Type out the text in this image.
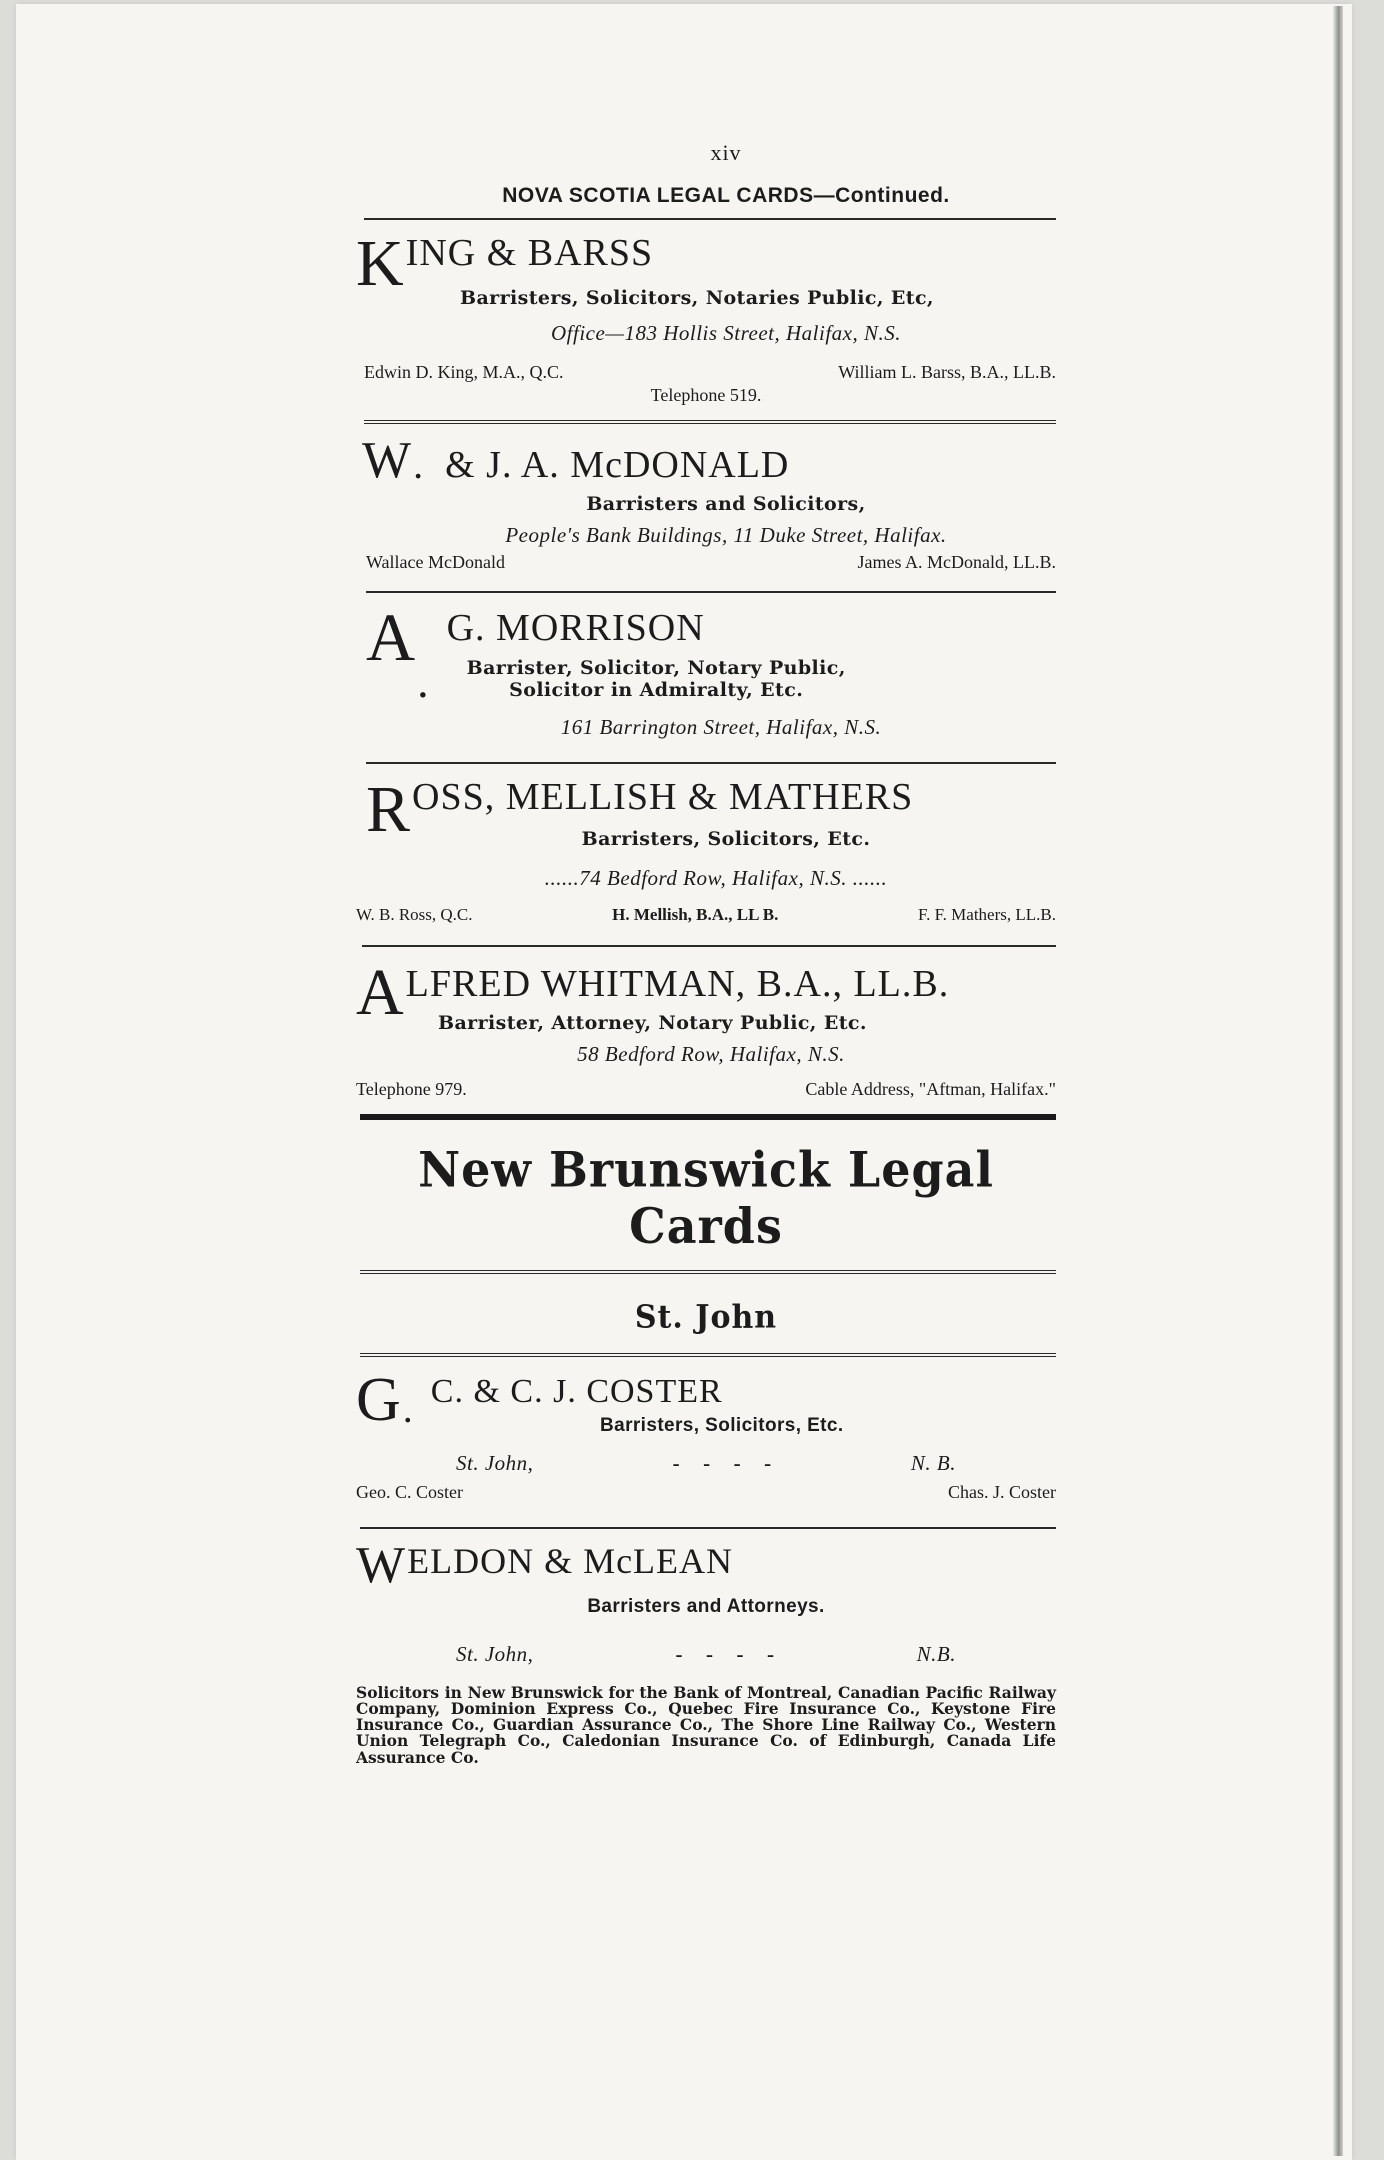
xiv
NOVA SCOTIA LEGAL CARDS—Continued.
K ING & BARSS
Barristers, Solicitors, Notaries Public, Etc,
Office—183 Hollis Street, Halifax, N.S.
Edwin D. King, M.A., Q.C.	William L. Barss, B.A., LL.B.
Telephone 519.
W . & J. A. McDONALD
Barristers and Solicitors,
People's Bank Buildings, 11 Duke Street, Halifax.
Wallace McDonald	James A. McDonald, LL.B.
A
.
G. MORRISON
Barrister, Solicitor, Notary Public,
Solicitor in Admiralty, Etc.
161 Barrington Street, Halifax, N.S.
R OSS, MELLISH & MATHERS
Barristers, Solicitors, Etc.
......74 Bedford Row, Halifax, N.S. ......
W. B. Ross, Q.C.	H. Mellish, B.A., LL B.	F. F. Mathers, LL.B.
A LFRED WHITMAN, B.A., LL.B.
Barrister, Attorney, Notary Public, Etc.
58 Bedford Row, Halifax, N.S.
Telephone 979.	Cable Address, "Aftman, Halifax."
New Brunswick Legal Cards
St. John
G . C. & C. J. COSTER
Barristers, Solicitors, Etc.
St. John,	-    -    -    -	N. B.
Geo. C. Coster	Chas. J. Coster
W ELDON & McLEAN
Barristers and Attorneys.
St. John,	-    -    -    -	N.B.
Solicitors in New Brunswick for the Bank of Montreal, Canadian Pacific Railway Company, Dominion Express Co., Quebec Fire Insurance Co., Keystone Fire Insurance Co., Guardian Assurance Co., The Shore Line Railway Co., Western Union Telegraph Co., Caledonian Insurance Co. of Edinburgh, Canada Life Assurance Co.
